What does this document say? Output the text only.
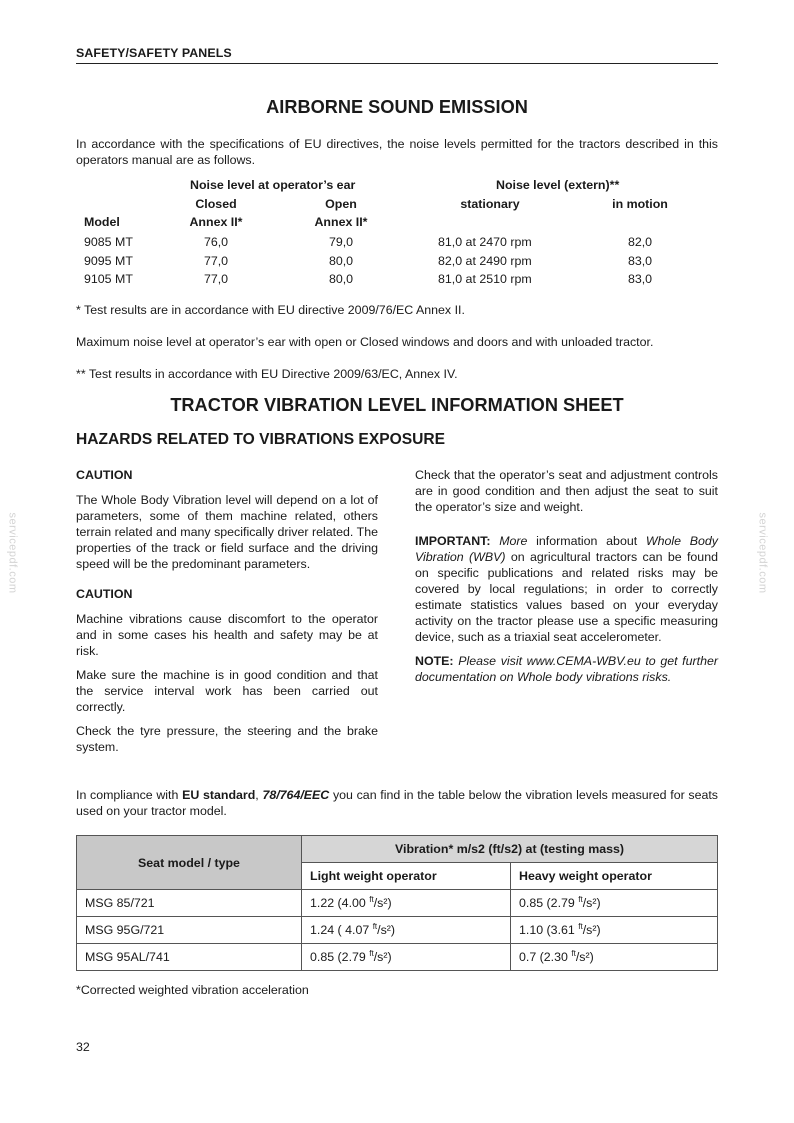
SAFETY/SAFETY PANELS
servicepdf.com	servicepdf.com
AIRBORNE SOUND EMISSION
In accordance with the specifications of EU directives, the noise levels permitted for the tractors described in this operators manual are as follows.
Noise level at operator’s ear	Noise level (extern)**
Closed	Open	stationary	in motion
Model	Annex II*	Annex II*
9085 MT	76,0	79,0	81,0 at 2470 rpm	82,0
9095 MT	77,0	80,0	82,0 at 2490 rpm	83,0
9105 MT	77,0	80,0	81,0 at 2510 rpm	83,0
* Test results are in accordance with EU directive 2009/76/EC Annex II.
Maximum noise level at operator’s ear with open or Closed windows and doors and with unloaded tractor.
** Test results in accordance with EU Directive 2009/63/EC, Annex IV.
TRACTOR VIBRATION LEVEL INFORMATION SHEET
HAZARDS RELATED TO VIBRATIONS EXPOSURE

CAUTION

The Whole Body Vibration level will depend on a lot of parameters, some of them machine related, others terrain related and many specifically driver related. The properties of the track or field surface and the driving speed will be the predominant parameters.

CAUTION

Machine vibrations cause discomfort to the operator and in some cases his health and safety may be at risk.

Make sure the machine is in good condition and that the service interval work has been carried out correctly.

Check the tyre pressure, the steering and the brake system.

Check that the operator’s seat and adjustment controls are in good condition and then adjust the seat to suit the operator’s size and weight.

IMPORTANT: More information about Whole Body Vibration (WBV) on agricultural tractors can be found on specific publications and related risks may be covered by local regulations; in order to correctly estimate statistics values based on your everyday activity on the tractor please use a specific measuring device, such as a triaxial seat accelerometer.

NOTE: Please visit www.CEMA-WBV.eu to get further documentation on Whole body vibrations risks.

In compliance with EU standard, 78/764/EEC you can find in the table below the vibration levels measured for seats used on your tractor model.
Seat model / type	Vibration* m/s2 (ft/s2) at (testing mass)	
	Light weight operator	Heavy weight operator
MSG 85/721	1.22 (4.00 $^{ft}$/s²)	0.85 (2.79 $^{ft}$/s²)
MSG 95G/721	1.24 ( 4.07 $^{ft}$/s²)	1.10 (3.61 $^{ft}$/s²)
MSG 95AL/741	0.85 (2.79 $^{ft}$/s²)	0.7 (2.30 $^{ft}$/s²)
*Corrected weighted vibration acceleration
32
